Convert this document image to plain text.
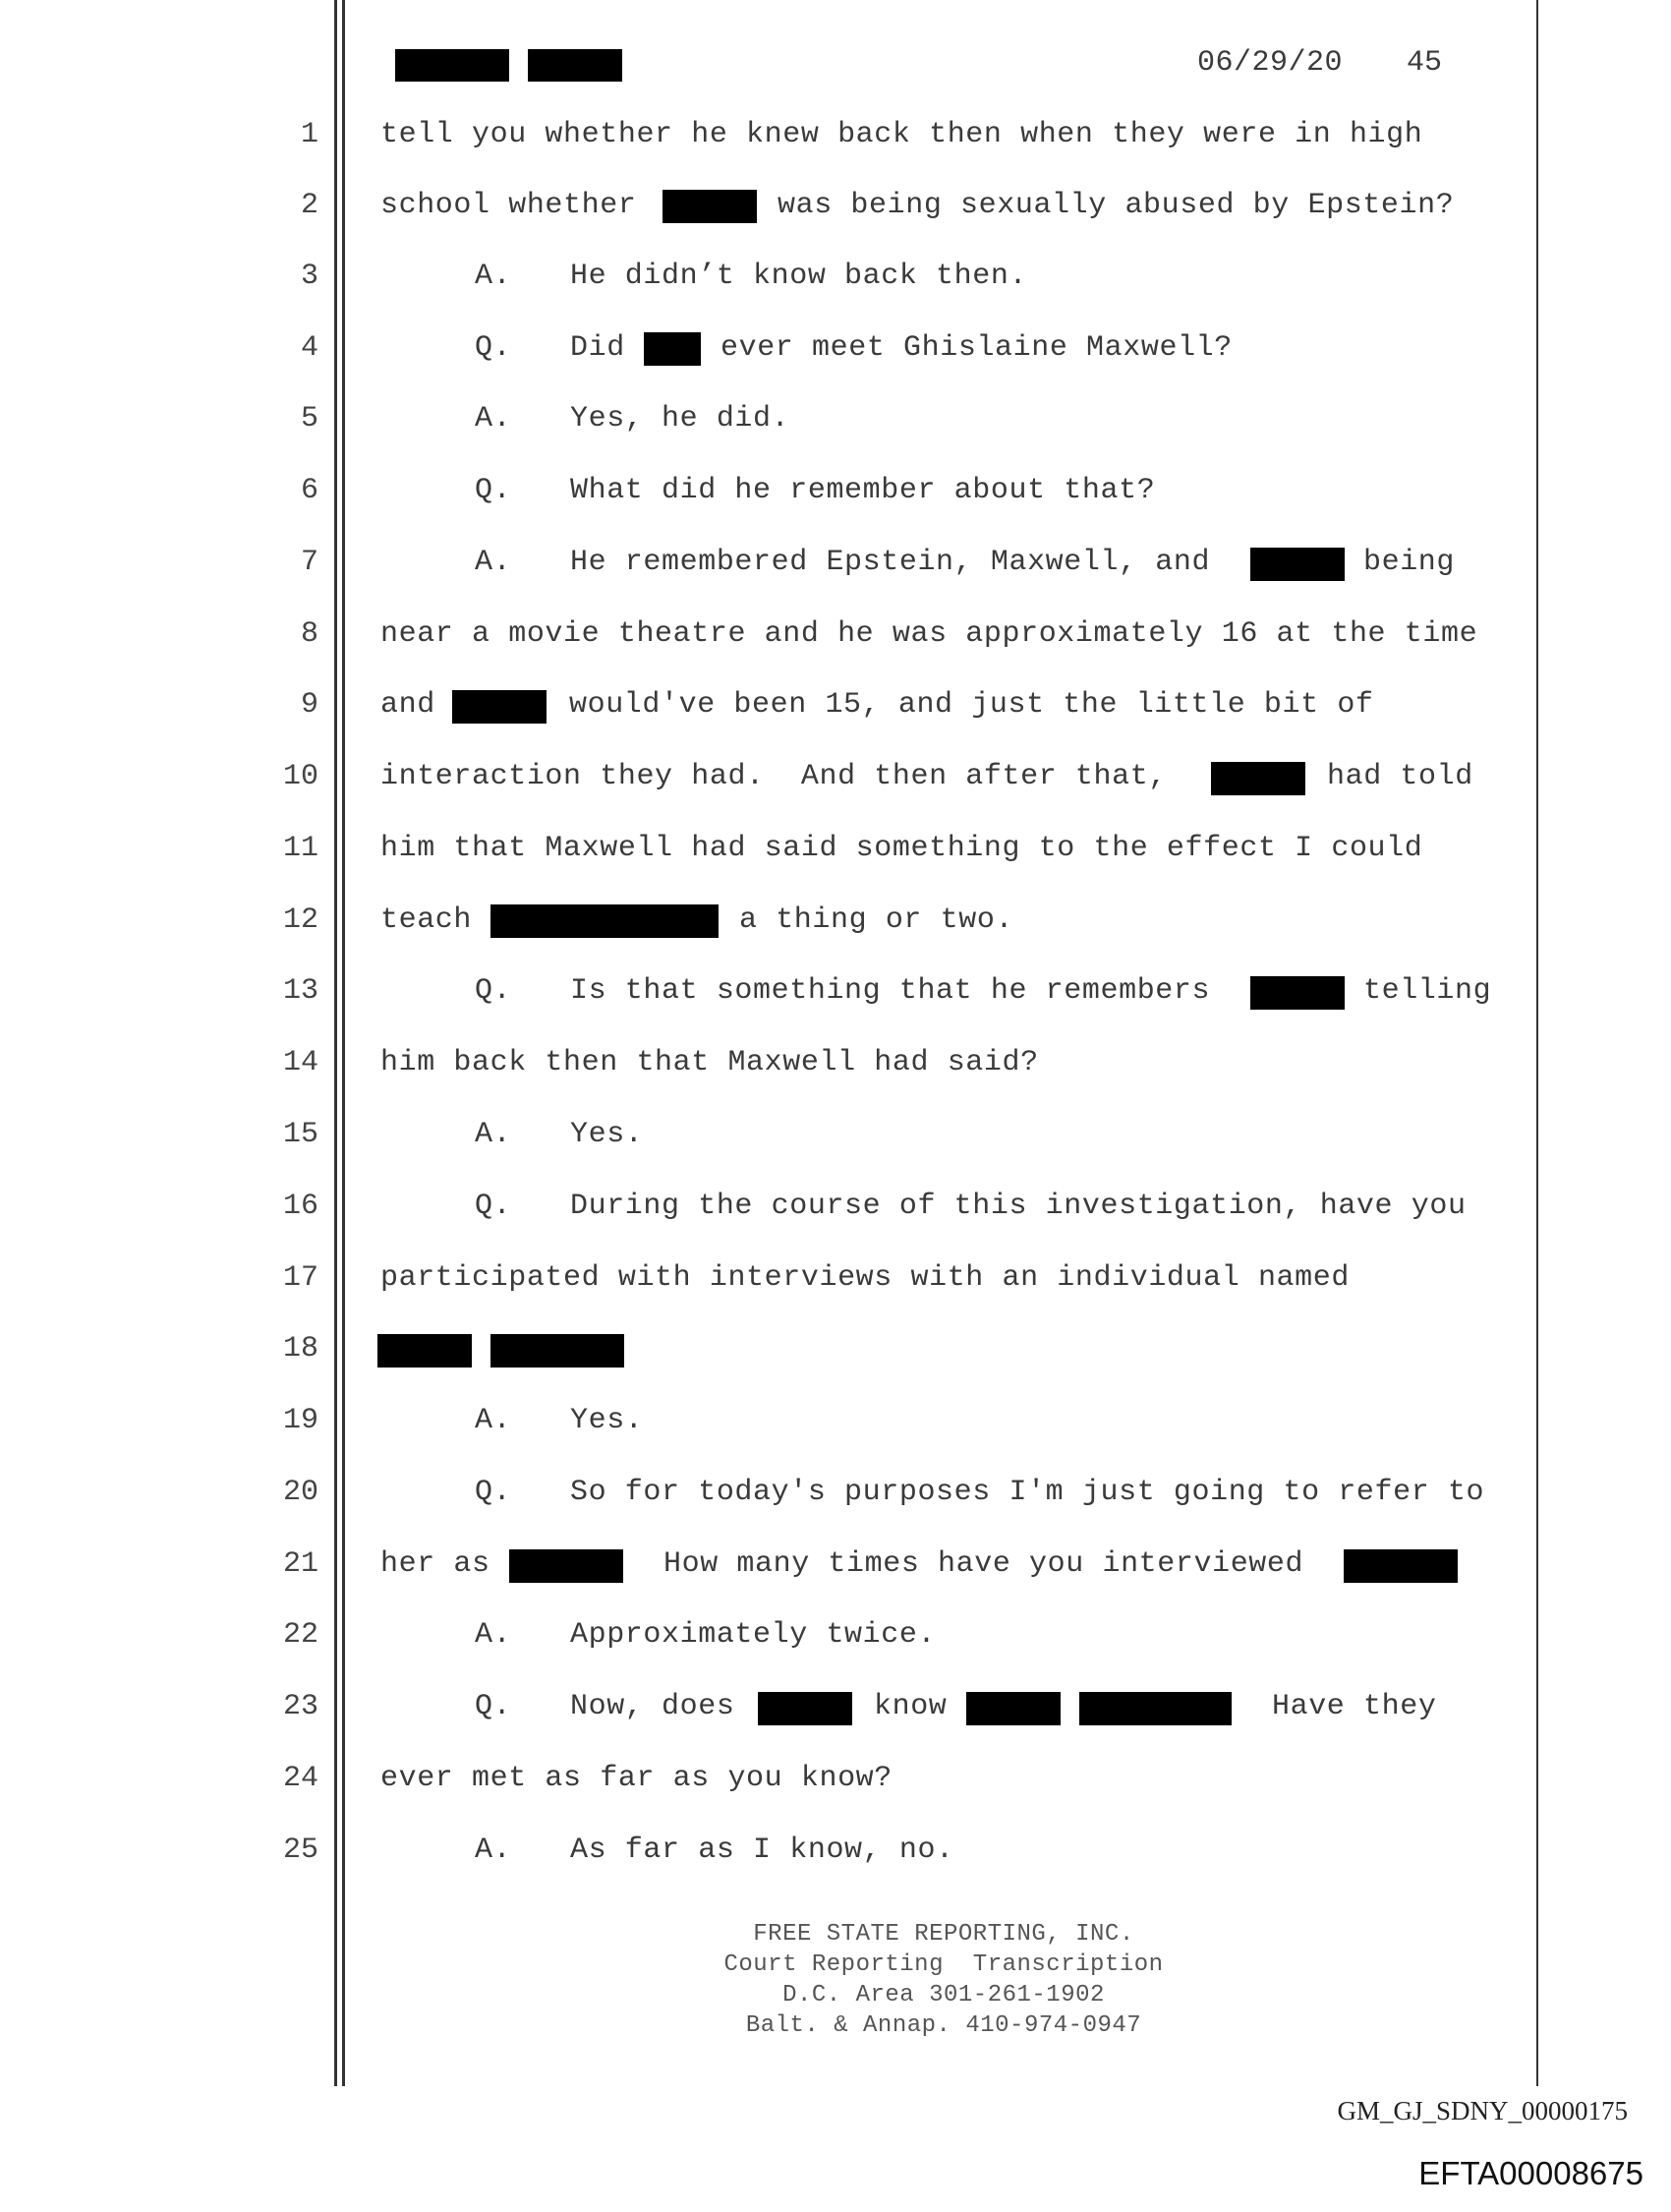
06/29/20 45
1
2
3
4
5
6
7
8
9
10
11
12
13
14
15
16
17
18
19
20
21
22
23
24
25
tell you whether he knew back then when they were in high
school whether	was being sexually abused by Epstein?
A. He didn’t know back then.
Q. Did	ever meet Ghislaine Maxwell?
A. Yes, he did.
Q. What did he remember about that?
A. He remembered Epstein, Maxwell, and	being
near a movie theatre and he was approximately 16 at the time
and	would've been 15, and just the little bit of
interaction they had.  And then after that,	had told
him that Maxwell had said something to the effect I could
teach	a thing or two.
Q. Is that something that he remembers	telling
him back then that Maxwell had said?
A. Yes.
Q. During the course of this investigation, have you
participated with interviews with an individual named
A. Yes.
Q. So for today's purposes I'm just going to refer to
her as	How many times have you interviewed
A. Approximately twice.
Q. Now, does	know	Have they
ever met as far as you know?
A. As far as I know, no.
FREE STATE REPORTING, INC.
Court Reporting  Transcription
D.C. Area 301-261-1902
Balt. & Annap. 410-974-0947
GM_GJ_SDNY_00000175
EFTA00008675
